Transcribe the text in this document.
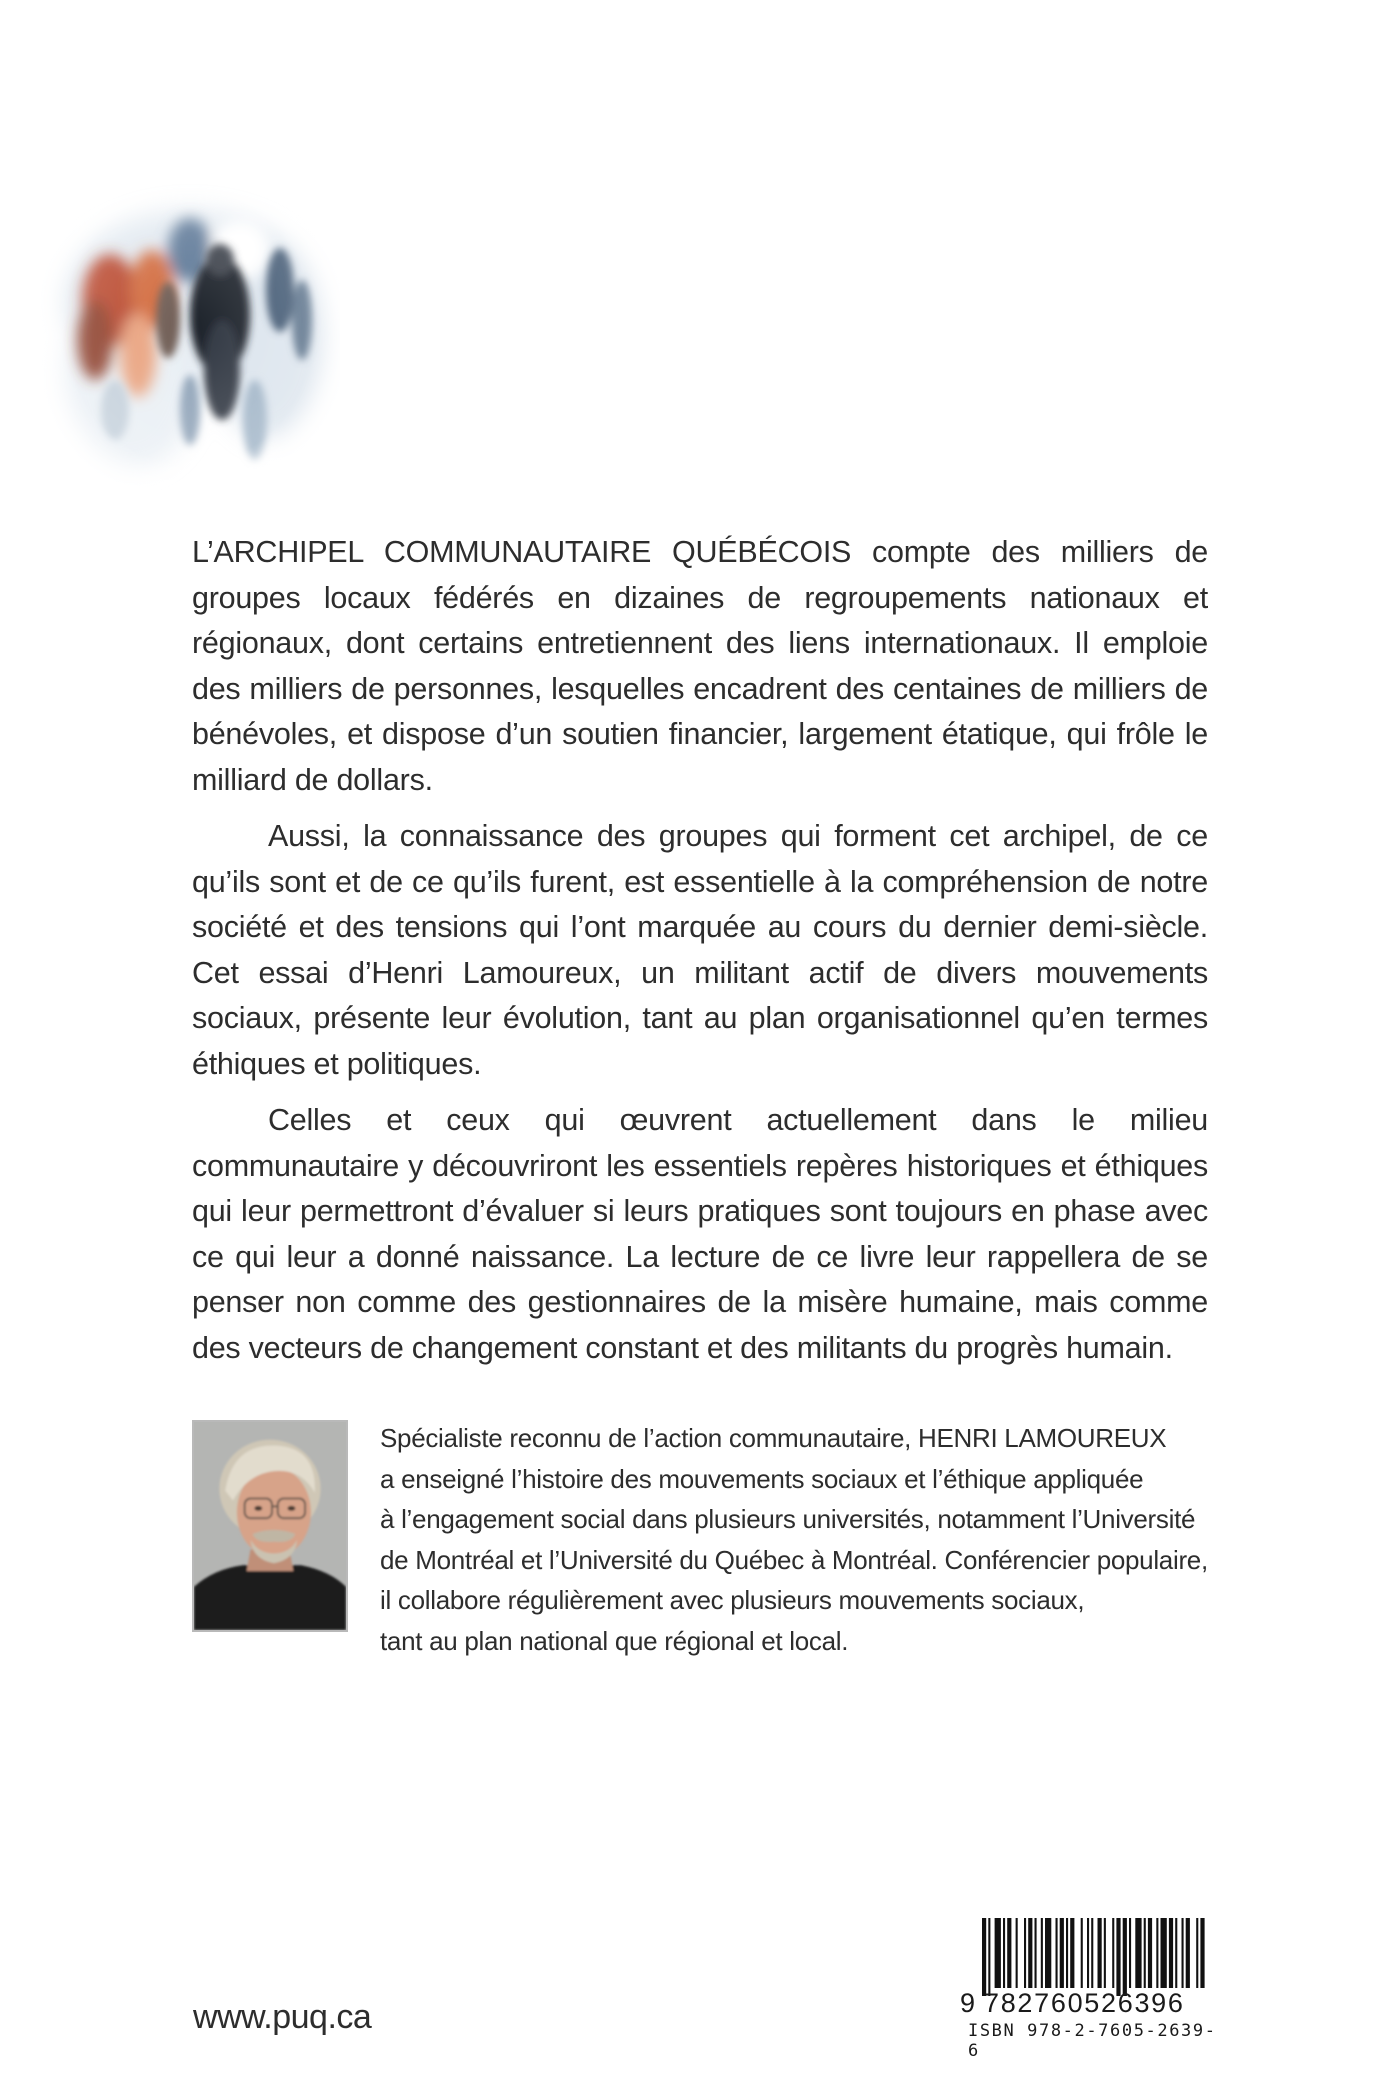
L’ARCHIPEL COMMUNAUTAIRE QUÉBÉCOIS compte des milliers de groupes locaux fédérés en dizaines de regroupements nationaux et régionaux, dont certains entretiennent des liens internationaux. Il emploie des milliers de personnes, lesquelles encadrent des centaines de milliers de bénévoles, et dispose d’un soutien financier, largement étatique, qui frôle le milliard de dollars.

Aussi, la connaissance des groupes qui forment cet archipel, de ce qu’ils sont et de ce qu’ils furent, est essentielle à la compréhension de notre société et des tensions qui l’ont marquée au cours du dernier demi-siècle. Cet essai d’Henri Lamoureux, un militant actif de divers mouvements sociaux, présente leur évolution, tant au plan organisationnel qu’en termes éthiques et politiques.

Celles et ceux qui œuvrent actuellement dans le milieu communautaire y découvriront les essentiels repères historiques et éthiques qui leur permettront d’évaluer si leurs pratiques sont toujours en phase avec ce qui leur a donné naissance. La lecture de ce livre leur rappellera de se penser non comme des gestionnaires de la misère humaine, mais comme des vecteurs de changement constant et des militants du progrès humain.

Spécialiste reconnu de l’action communautaire, HENRI LAMOUREUX
a enseigné l’histoire des mouvements sociaux et l’éthique appliquée
à l’engagement social dans plusieurs universités, notamment l’Université
de Montréal et l’Université du Québec à Montréal. Conférencier populaire,
il collabore régulièrement avec plusieurs mouvements sociaux,
tant au plan national que régional et local.
www.puq.ca	9 782760526396
ISBN 978-2-7605-2639-6
